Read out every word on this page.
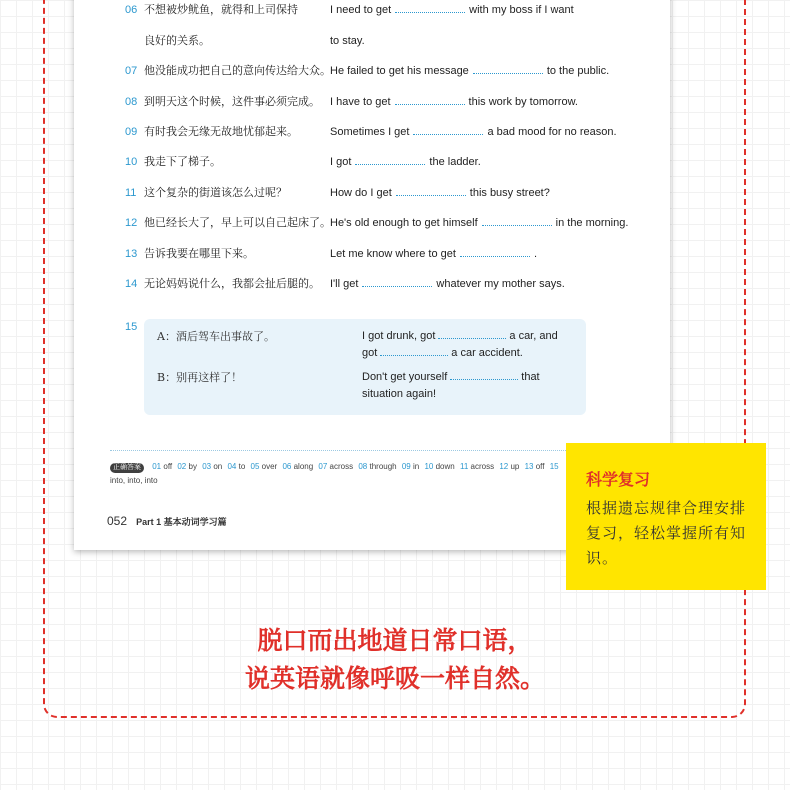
06 不想被炒鱿鱼，就得和上司保持	I need to get	with my boss if I want
良好的关系。	to stay.
07 他没能成功把自己的意向传达给大众。 He failed to get his message	to the public.
08 到明天这个时候，这件事必须完成。 I have to get	this work by tomorrow.
09 有时我会无缘无故地忧郁起来。	Sometimes I get	a bad mood for no reason.
10 我走下了梯子。	I got	the ladder.
11 这个复杂的街道该怎么过呢？	How do I get	this busy street?
12 他已经长大了，早上可以自己起床了。 He's old enough to get himself	in the morning.
13 告诉我要在哪里下来。	Let me know where to get	.
14 无论妈妈说什么，我都会扯后腿的。 I'll get	whatever my mother says.
15
A：酒后驾车出事故了。	I got drunk, got	a car, and
got	a car accident.
B：别再这样了！	Don't get yourself	that
situation again!
正确答案 01 off 02 by 03 on 04 to 05 over 06 along 07 across 08 through 09 in 10 down 11 across 12 up 13 off 15 into, into, into
052 Part 1 基本动词学习篇
科学复习
根据遗忘规律合理安排复习，轻松掌握所有知识。
脱口而出地道日常口语，
说英语就像呼吸一样自然。
